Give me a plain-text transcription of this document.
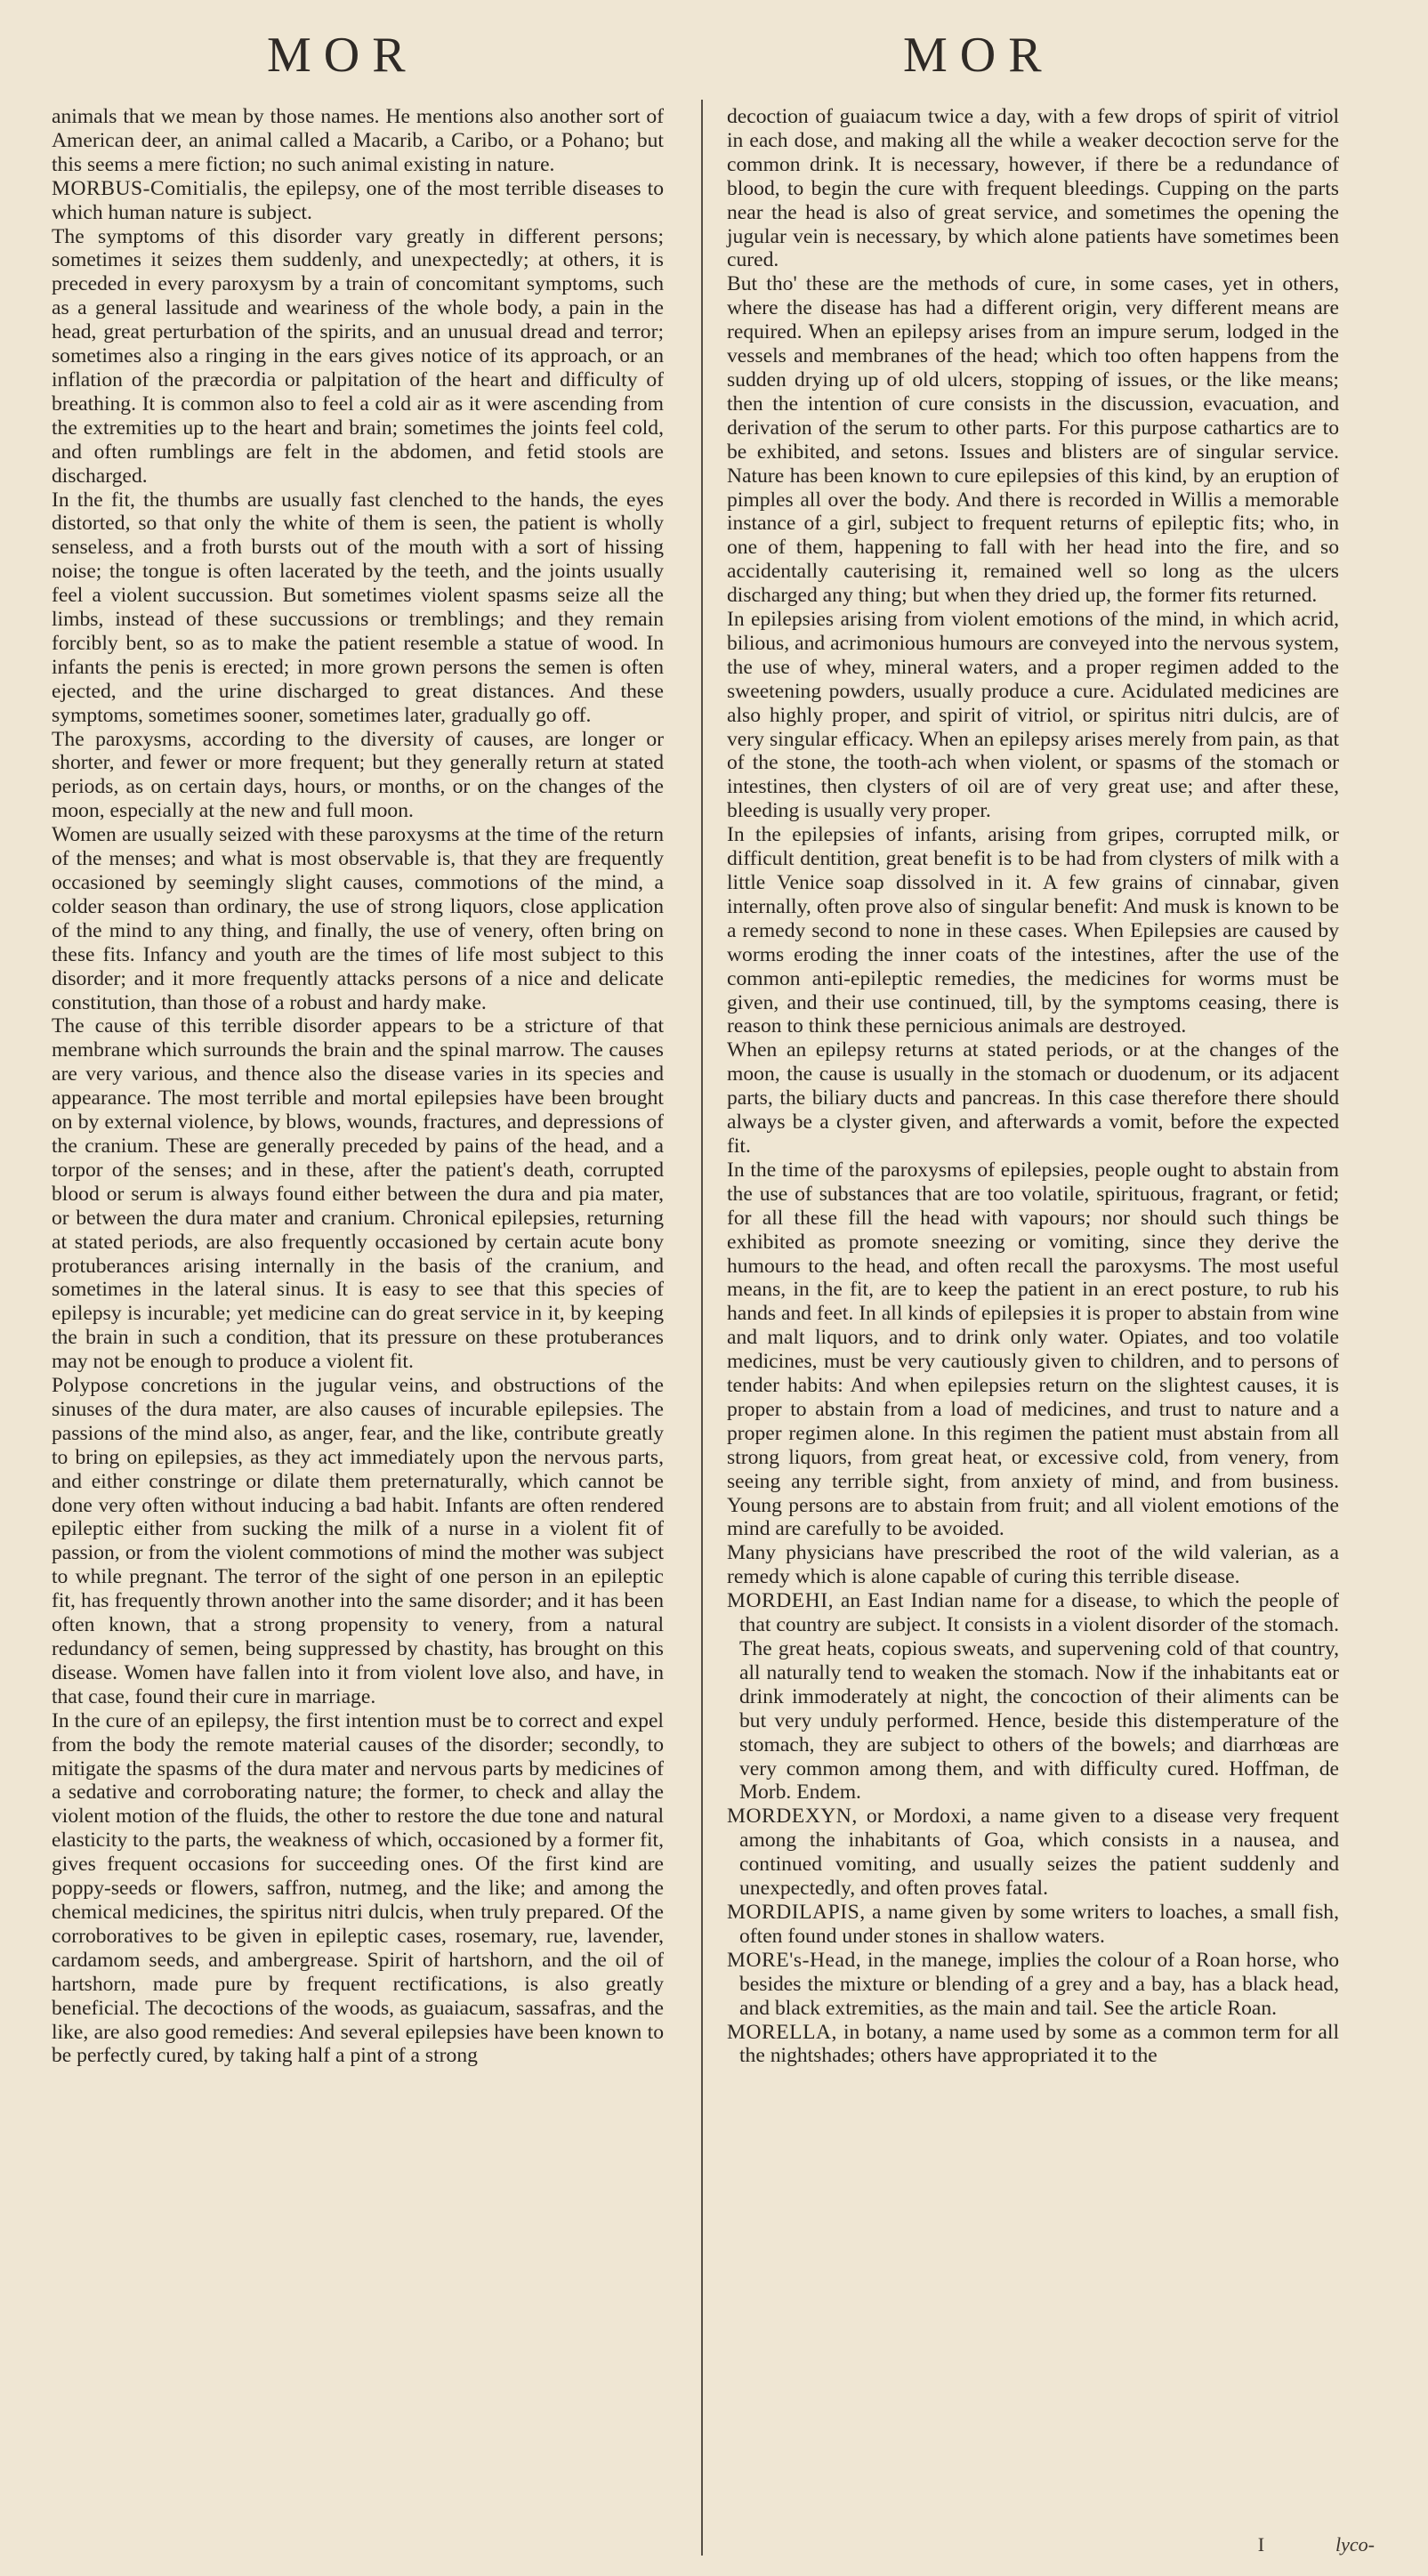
MOR	MOR

animals that we mean by those names. He mentions also another sort of American deer, an animal called a Macarib, a Caribo, or a Pohano; but this seems a mere fiction; no such animal existing in nature.

MORBUS-Comitialis, the epilepsy, one of the most terrible diseases to which human nature is subject.

The symptoms of this disorder vary greatly in different persons; sometimes it seizes them suddenly, and unexpectedly; at others, it is preceded in every paroxysm by a train of concomitant symptoms, such as a general lassitude and weariness of the whole body, a pain in the head, great perturbation of the spirits, and an unusual dread and terror; sometimes also a ringing in the ears gives notice of its approach, or an inflation of the præcordia or palpitation of the heart and difficulty of breathing. It is common also to feel a cold air as it were ascending from the extremities up to the heart and brain; sometimes the joints feel cold, and often rumblings are felt in the abdomen, and fetid stools are discharged.

In the fit, the thumbs are usually fast clenched to the hands, the eyes distorted, so that only the white of them is seen, the patient is wholly senseless, and a froth bursts out of the mouth with a sort of hissing noise; the tongue is often lacerated by the teeth, and the joints usually feel a violent succussion. But sometimes violent spasms seize all the limbs, instead of these succussions or tremblings; and they remain forcibly bent, so as to make the patient resemble a statue of wood. In infants the penis is erected; in more grown persons the semen is often ejected, and the urine discharged to great distances. And these symptoms, sometimes sooner, sometimes later, gradually go off.

The paroxysms, according to the diversity of causes, are longer or shorter, and fewer or more frequent; but they generally return at stated periods, as on certain days, hours, or months, or on the changes of the moon, especially at the new and full moon.

Women are usually seized with these paroxysms at the time of the return of the menses; and what is most observable is, that they are frequently occasioned by seemingly slight causes, commotions of the mind, a colder season than ordinary, the use of strong liquors, close application of the mind to any thing, and finally, the use of venery, often bring on these fits. Infancy and youth are the times of life most subject to this disorder; and it more frequently attacks persons of a nice and delicate constitution, than those of a robust and hardy make.

The cause of this terrible disorder appears to be a stricture of that membrane which surrounds the brain and the spinal marrow. The causes are very various, and thence also the disease varies in its species and appearance. The most terrible and mortal epilepsies have been brought on by external violence, by blows, wounds, fractures, and depressions of the cranium. These are generally preceded by pains of the head, and a torpor of the senses; and in these, after the patient's death, corrupted blood or serum is always found either between the dura and pia mater, or between the dura mater and cranium. Chronical epilepsies, returning at stated periods, are also frequently occasioned by certain acute bony protuberances arising internally in the basis of the cranium, and sometimes in the lateral sinus. It is easy to see that this species of epilepsy is incurable; yet medicine can do great service in it, by keeping the brain in such a condition, that its pressure on these protuberances may not be enough to produce a violent fit.

Polypose concretions in the jugular veins, and obstructions of the sinuses of the dura mater, are also causes of incurable epilepsies. The passions of the mind also, as anger, fear, and the like, contribute greatly to bring on epilepsies, as they act immediately upon the nervous parts, and either constringe or dilate them preternaturally, which cannot be done very often without inducing a bad habit. Infants are often rendered epileptic either from sucking the milk of a nurse in a violent fit of passion, or from the violent commotions of mind the mother was subject to while pregnant. The terror of the sight of one person in an epileptic fit, has frequently thrown another into the same disorder; and it has been often known, that a strong propensity to venery, from a natural redundancy of semen, being suppressed by chastity, has brought on this disease. Women have fallen into it from violent love also, and have, in that case, found their cure in marriage.

In the cure of an epilepsy, the first intention must be to correct and expel from the body the remote material causes of the disorder; secondly, to mitigate the spasms of the dura mater and nervous parts by medicines of a sedative and corroborating nature; the former, to check and allay the violent motion of the fluids, the other to restore the due tone and natural elasticity to the parts, the weakness of which, occasioned by a former fit, gives frequent occasions for succeeding ones. Of the first kind are poppy-seeds or flowers, saffron, nutmeg, and the like; and among the chemical medicines, the spiritus nitri dulcis, when truly prepared. Of the corroboratives to be given in epileptic cases, rosemary, rue, lavender, cardamom seeds, and ambergrease. Spirit of hartshorn, and the oil of hartshorn, made pure by frequent rectifications, is also greatly beneficial. The decoctions of the woods, as guaiacum, sassafras, and the like, are also good remedies: And several epilepsies have been known to be perfectly cured, by taking half a pint of a strong

decoction of guaiacum twice a day, with a few drops of spirit of vitriol in each dose, and making all the while a weaker decoction serve for the common drink. It is necessary, however, if there be a redundance of blood, to begin the cure with frequent bleedings. Cupping on the parts near the head is also of great service, and sometimes the opening the jugular vein is necessary, by which alone patients have sometimes been cured.

But tho' these are the methods of cure, in some cases, yet in others, where the disease has had a different origin, very different means are required. When an epilepsy arises from an impure serum, lodged in the vessels and membranes of the head; which too often happens from the sudden drying up of old ulcers, stopping of issues, or the like means; then the intention of cure consists in the discussion, evacuation, and derivation of the serum to other parts. For this purpose cathartics are to be exhibited, and setons. Issues and blisters are of singular service. Nature has been known to cure epilepsies of this kind, by an eruption of pimples all over the body. And there is recorded in Willis a memorable instance of a girl, subject to frequent returns of epileptic fits; who, in one of them, happening to fall with her head into the fire, and so accidentally cauterising it, remained well so long as the ulcers discharged any thing; but when they dried up, the former fits returned.

In epilepsies arising from violent emotions of the mind, in which acrid, bilious, and acrimonious humours are conveyed into the nervous system, the use of whey, mineral waters, and a proper regimen added to the sweetening powders, usually produce a cure. Acidulated medicines are also highly proper, and spirit of vitriol, or spiritus nitri dulcis, are of very singular efficacy. When an epilepsy arises merely from pain, as that of the stone, the tooth-ach when violent, or spasms of the stomach or intestines, then clysters of oil are of very great use; and after these, bleeding is usually very proper.

In the epilepsies of infants, arising from gripes, corrupted milk, or difficult dentition, great benefit is to be had from clysters of milk with a little Venice soap dissolved in it. A few grains of cinnabar, given internally, often prove also of singular benefit: And musk is known to be a remedy second to none in these cases. When Epilepsies are caused by worms eroding the inner coats of the intestines, after the use of the common anti-epileptic remedies, the medicines for worms must be given, and their use continued, till, by the symptoms ceasing, there is reason to think these pernicious animals are destroyed.

When an epilepsy returns at stated periods, or at the changes of the moon, the cause is usually in the stomach or duodenum, or its adjacent parts, the biliary ducts and pancreas. In this case therefore there should always be a clyster given, and afterwards a vomit, before the expected fit.

In the time of the paroxysms of epilepsies, people ought to abstain from the use of substances that are too volatile, spirituous, fragrant, or fetid; for all these fill the head with vapours; nor should such things be exhibited as promote sneezing or vomiting, since they derive the humours to the head, and often recall the paroxysms. The most useful means, in the fit, are to keep the patient in an erect posture, to rub his hands and feet. In all kinds of epilepsies it is proper to abstain from wine and malt liquors, and to drink only water. Opiates, and too volatile medicines, must be very cautiously given to children, and to persons of tender habits: And when epilepsies return on the slightest causes, it is proper to abstain from a load of medicines, and trust to nature and a proper regimen alone. In this regimen the patient must abstain from all strong liquors, from great heat, or excessive cold, from venery, from seeing any terrible sight, from anxiety of mind, and from business. Young persons are to abstain from fruit; and all violent emotions of the mind are carefully to be avoided.

Many physicians have prescribed the root of the wild valerian, as a remedy which is alone capable of curing this terrible disease.

MORDEHI, an East Indian name for a disease, to which the people of that country are subject. It consists in a violent disorder of the stomach. The great heats, copious sweats, and supervening cold of that country, all naturally tend to weaken the stomach. Now if the inhabitants eat or drink immoderately at night, the concoction of their aliments can be but very unduly performed. Hence, beside this distemperature of the stomach, they are subject to others of the bowels; and diarrhœas are very common among them, and with difficulty cured. Hoffman, de Morb. Endem.

MORDEXYN, or Mordoxi, a name given to a disease very frequent among the inhabitants of Goa, which consists in a nausea, and continued vomiting, and usually seizes the patient suddenly and unexpectedly, and often proves fatal.

MORDILAPIS, a name given by some writers to loaches, a small fish, often found under stones in shallow waters.

MORE's-Head, in the manege, implies the colour of a Roan horse, who besides the mixture or blending of a grey and a bay, has a black head, and black extremities, as the main and tail. See the article Roan.

MORELLA, in botany, a name used by some as a common term for all the nightshades; others have appropriated it to the

I	lyco-
